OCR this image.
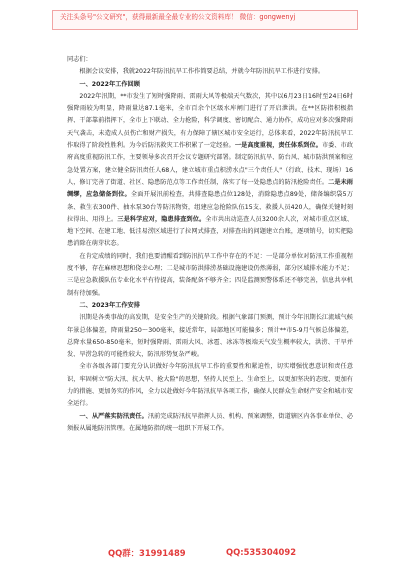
关注头条号"公文研究"，获得最新最全最专业的公文资料库！ 微信：gongwenyj

同志们：

根据会议安排，我就2022年防汛抗旱工作作简要总结，并就今年防汛抗旱工作进行安排。

一、2022年工作回顾

2022年汛期，**市发生了短时强降雨、雷雨大风等极端天气数次，其中以6月23日16时至24日6时强降雨较为明显，降雨量达87.1毫米，全市百余个区级水库闸门进行了开启泄洪。在**区防指积极指挥、干部靠前指挥下，全市上下联动、全力抢险，科学调度、密切配合、通力协作，成功应对多次强降雨天气袭击，未造成人员伤亡和财产损失，有力保障了辖区城市安全运行，总体来看，2022年防汛抗旱工作取得了阶段性胜利。为今后防汛救灾工作积累了一定经验。一是高度重视，责任体系到位。市委、市政府高度重视防汛工作，主要领导多次召开会议专题研究部署。制定防汛抗旱、防台风、城市防洪预案和应急处置方案，建立健全防汛责任人68人，建立城市重点积涝水点"三个责任人"（行政、技术、现场）16人，修订完善了街道、社区、隐患防范点等工作责任制，落实了每一处隐患点的防汛抢险责任。二是未雨绸缪，应急储备到位。全面开展汛前检查，共排查隐患点位128处，消除隐患点89处，储备编织袋5万条、救生衣300件、抽水泵30台等防汛物资，组建应急抢险队伍15支、救援人员420人，确保关键时刻拉得出、用得上。三是科学应对，隐患排查到位。全市共出动巡查人员3200余人次，对城市重点区域、地下空间、在建工地、低洼易涝区域进行了拉网式排查，对排查出的问题建立台账，逐项销号，切实把隐患消除在萌芽状态。

在肯定成绩的同时，我们也要清醒看到防汛抗旱工作中存在的不足：一是部分单位对防汛工作重视程度不够，存在麻痹思想和侥幸心理；二是城市防洪排涝基础设施建设仍然薄弱，部分区域排水能力不足；三是应急救援队伍专业化水平有待提高，装备配备不够齐全；四是监测预警体系还不够完善，信息共享机制有待加强。

二、2023年工作安排

汛期是各类事故的高发期，是安全生产的关键阶段。根据气象部门预测，预计今年汛期长江流域气候年景总体偏差，降雨量250～300毫米，接近常年，局部地区可能偏多；预计**市5-9月气候总体偏差，总降水量650-850毫米，短时强降雨、雷雨大风、冰雹、冰冻等极端天气发生概率较大，洪涝、干旱并发、旱涝急转的可能性较大，防汛形势复杂严峻。

全市各级各部门要充分认识做好今年防汛抗旱工作的重要性和紧迫性，切实增强忧患意识和责任意识，牢固树立"防大汛、抗大旱、抢大险"的思想，坚持人民至上、生命至上，以更加坚决的态度、更加有力的措施、更加务实的作风，全力以赴做好今年防汛抗旱各项工作，确保人民群众生命财产安全和城市安全运行。

一、从严落实防汛责任。汛前完成防汛抗旱指挥人员、机构、预案调整，街道辖区内各事业单位、必须报从属地防汛管理。在属地防指的统一组织下开展工作。

QQ群：31991489	QQ:535304092
